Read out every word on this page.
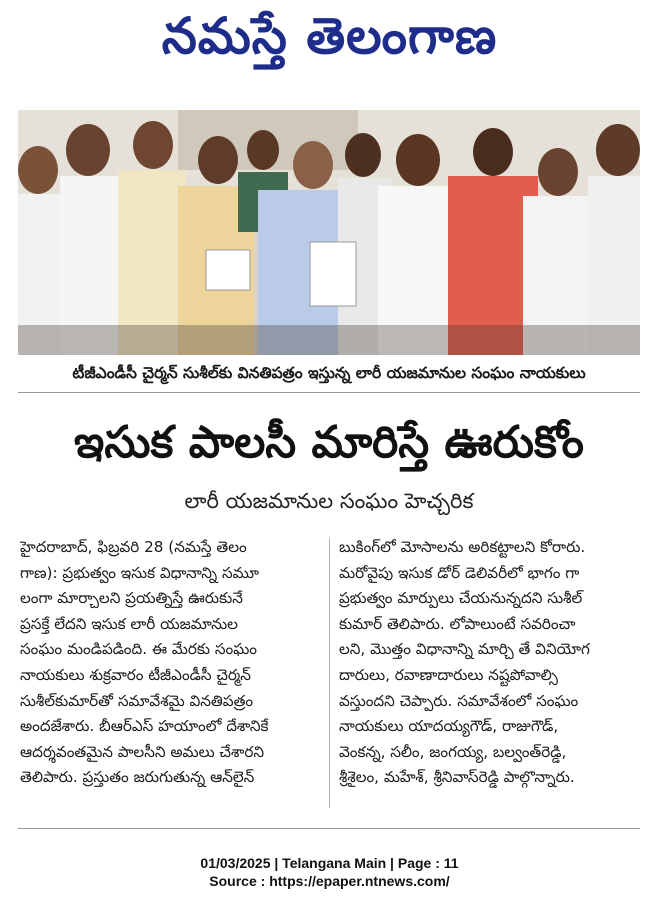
నమస్తే తెలంగాణ
టీజీఎండీసీ చైర్మన్ సుశీల్‌కు వినతిపత్రం ఇస్తున్న లారీ యజమానుల సంఘం నాయకులు
ఇసుక పాలసీ మారిస్తే ఊరుకోం
లారీ యజమానుల సంఘం హెచ్చరిక
హైదరాబాద్, ఫిబ్రవరి 28 (నమస్తే తెలం
గాణ): ప్రభుత్వం ఇసుక విధానాన్ని సమూ
లంగా మార్చాలని ప్రయత్నిస్తే ఊరుకునే
ప్రసక్తే లేదని ఇసుక లారీ యజమానుల
సంఘం మండిపడింది. ఈ మేరకు సంఘం
నాయకులు శుక్రవారం టీజీఎండీసీ చైర్మన్
సుశీల్‌కుమార్‌తో సమావేశమై వినతిపత్రం
అందజేశారు. బీఆర్ఎస్ హయాంలో దేశానికే
ఆదర్శవంతమైన పాలసీని అమలు చేశారని
తెలిపారు. ప్రస్తుతం జరుగుతున్న ఆన్‌లైన్
బుకింగ్‌లో మోసాలను అరికట్టాలని కోరారు.
మరోవైపు ఇసుక డోర్ డెలివరీలో భాగం గా
ప్రభుత్వం మార్పులు చేయనున్నదని సుశీల్
కుమార్ తెలిపారు. లోపాలుంటే సవరించా
లని, మొత్తం విధానాన్ని మార్చి తే వినియోగ
దారులు, రవాణాదారులు నష్టపోవాల్సి
వస్తుందని చెప్పారు. సమావేశంలో సంఘం
నాయకులు యాదయ్యగౌడ్, రాజుగౌడ్,
వెంకన్న, సలీం, జంగయ్య, బల్వంత్‌రెడ్డి,
శ్రీశైలం, మహేశ్, శ్రీనివాస్‌రెడ్డి పాల్గొన్నారు.
01/03/2025 | Telangana Main | Page : 11
Source : https://epaper.ntnews.com/
